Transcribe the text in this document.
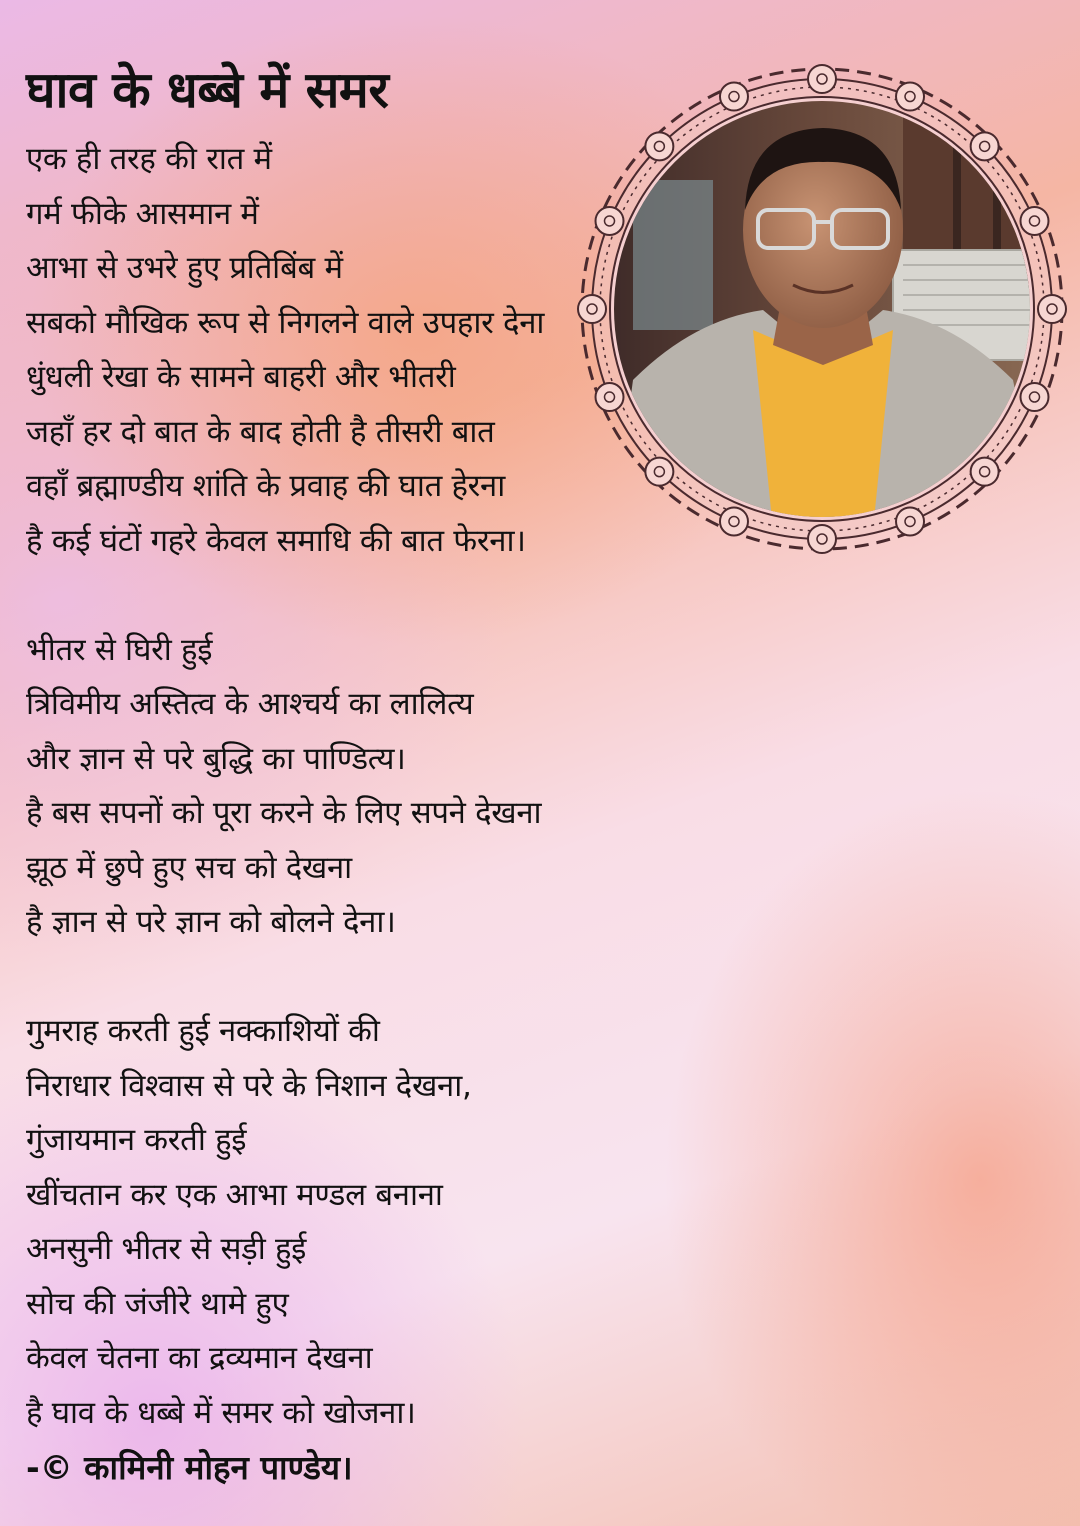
घाव के धब्बे में समर
एक ही तरह की रात में
गर्म फीके आसमान में
आभा से उभरे हुए प्रतिबिंब में
सबको मौखिक रूप से निगलने वाले उपहार देना
धुंधली रेखा के सामने बाहरी और भीतरी
जहाँ हर दो बात के बाद होती है तीसरी बात
वहाँ ब्रह्माण्डीय शांति के प्रवाह की घात हेरना
है कई घंटों गहरे केवल समाधि की बात फेरना।
भीतर से घिरी हुई
त्रिविमीय अस्तित्व के आश्चर्य का लालित्य
और ज्ञान से परे बुद्धि का पाण्डित्य।
है बस सपनों को पूरा करने के लिए सपने देखना
झूठ में छुपे हुए सच को देखना
है ज्ञान से परे ज्ञान को बोलने देना।
गुमराह करती हुई नक्काशियों की
निराधार विश्वास से परे के निशान देखना,
गुंजायमान करती हुई
खींचतान कर एक आभा मण्डल बनाना
अनसुनी भीतर से सड़ी हुई
सोच की जंजीरे थामे हुए
केवल चेतना का द्रव्यमान देखना
है घाव के धब्बे में समर को खोजना।
-© कामिनी मोहन पाण्डेय।
